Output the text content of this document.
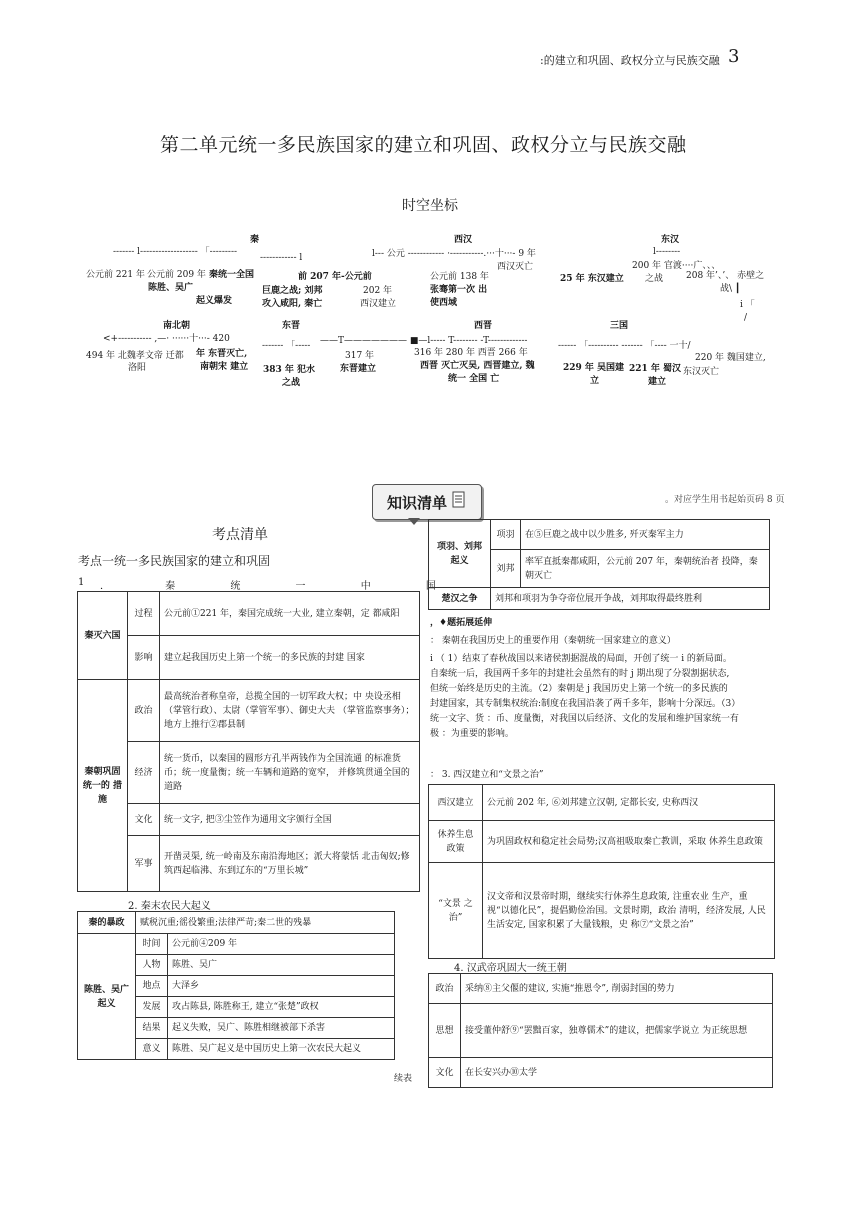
:的建立和巩固、政权分立与民族交融 3
第二单元统一多民族国家的建立和巩固、政权分立与民族交融
时空坐标
秦	西汉	东汉
------- l------------------- 「---------
------------ l	l--- 公元 ------------ ·-----------.···十···- 9 年	l--------
公元前 221 年 公元前 209 年 秦统一全国
陈胜、吴广
起义爆发
前 207 年-公元前
巨鹿之战; 刘邦
攻入咸阳, 秦亡
202 年
西汉建立
公元前 138 年
张骞第一次 出
使西域
西汉灭亡
25 年 东汉建立
200 年 官渡····广、、、
之战	208 年’、’、 赤壁之
战\ ┃
i 「
/
南北朝	东晋	西晋	三国
<+----------- ,—· ······十···- 420
------- 「----- ——T——————— ■—l----- T-------- -T-------------	------ 「---------- ------- 「---- 一十/
494 年 北魏孝文帝 迁都
洛阳
年 东晋灭亡,
南朝宋 建立 383 年 犯水
之战
317 年
东晋建立
316 年 280 年 西晋 266 年
西晋 灭亡灭吴, 西晋建立, 魏
统一 全国 亡
229 年 吴国建
立
221 年 蜀汉
建立
220 年 魏国建立,
东汉灭亡
知识清单	。对应学生用书起始页码 8 页
考点清单
考点一统一多民族国家的建立和巩固
1 ． 秦 统 一 中 国
秦灭六国	过程	公元前①221 年，秦国完成统一大业, 建立秦朝，定 都咸阳
	影响	建立起我国历史上第一个统一的多民族的封建 国家
秦朝巩固统一的 措施	政治	最高统治者称皇帝，总揽全国的一切军政大权；中 央设丞相（掌管行政）、太尉（掌管军事）、御史大夫 （掌管监察事务）；地方上推行②郡县制
	经济	统一货币，以秦国的圆形方孔半两钱作为全国流通 的标准货币；统一度量衡；统一车辆和道路的宽窄， 并修筑贯通全国的道路
	文化	统一文字, 把③尘笠作为通用文字颁行全国
	军事	开凿灵渠, 统一岭南及东南沿海地区；派大将蒙恬 北击匈奴;修筑西起临沸、东到辽东的“万里长城”
2. 秦末农民大起义
秦的暴政	赋税沉重;徭役繁重;法律严苛;秦二世的残暴	
陈胜、吴广 起义	时间	公元前④209 年
	人物	陈胜、吴广
	地点	大泽乡
	发展	攻占陈县, 陈胜称王, 建立“张楚”政权
	结果	起义失败，吴广、陈胜相继被部下杀害
	意义	陈胜、吴广起义是中国历史上第一次农民大起义
续表
项羽、刘邦 起义	项羽	在⑤巨鹿之战中以少胜多, 歼灭秦军主力
	刘邦	率军直抵秦都咸阳，公元前 207 年，秦朝统治者 投降，秦朝灭亡
楚汉之争	刘邦和项羽为争夺帝位展开争战，刘邦取得最终胜利	
，♦题拓展延伸
： 秦朝在我国历史上的重要作用（秦朝统一国家建立的意义）
i （ 1）结束了春秋战国以来诸侯割据混战的局面，开创了统一 i 的新局面。
自秦统一后，我国两千多年的封建社会虽然有的时 j 期出现了分裂割据状态,
但统一始终是历史的主流。（2）秦朝是 j 我国历史上第一个统一的多民族的
封建国家，其专制集权统治:制度在我国沿袭了两千多年，影响十分深远。（3）
统一文字、货 ：币、度量衡，对我国以后经济、文化的发展和维护国家统一有
极 ：为重要的影响。
： 3. 西汉建立和“文景之治”
西汉建立	公元前 202 年, ⑥刘邦建立汉朝, 定都长安, 史称西汉
休养生息 政策	为巩固政权和稳定社会局势;汉高祖吸取秦亡教训，采取 休养生息政策
“文景 之治”	汉文帝和汉景帝时期，继续实行休养生息政策, 注重农业 生产，重视“以德化民”，提倡勤俭治国。文景时期，政治 清明，经济发展, 人民生活安定, 国家积累了大量钱粮，史 称⑦“文景之治”
4. 汉武帝巩固大一统王朝
政治	采纳⑧主父偃的建议, 实施“推恩令”, 削弱封国的势力
思想	接受董仲舒⑨“罢黜百家，独尊儒术”的建议，把儒家学说立 为正统思想
文化	在长安兴办⑩太学
